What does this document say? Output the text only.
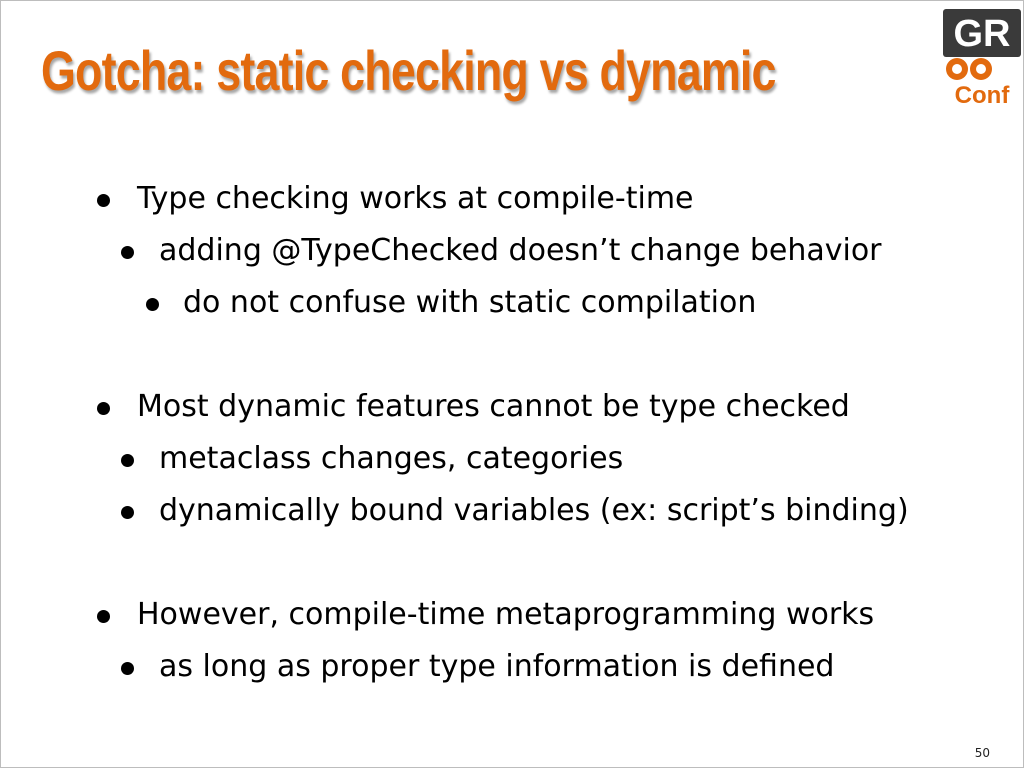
Gotcha: static checking vs dynamic
GR
Conf
Type checking works at compile-time
adding @TypeChecked doesn’t change behavior
do not confuse with static compilation
Most dynamic features cannot be type checked
metaclass changes, categories
dynamically bound variables (ex: script’s binding)
However, compile-time metaprogramming works
as long as proper type information is defined
50
